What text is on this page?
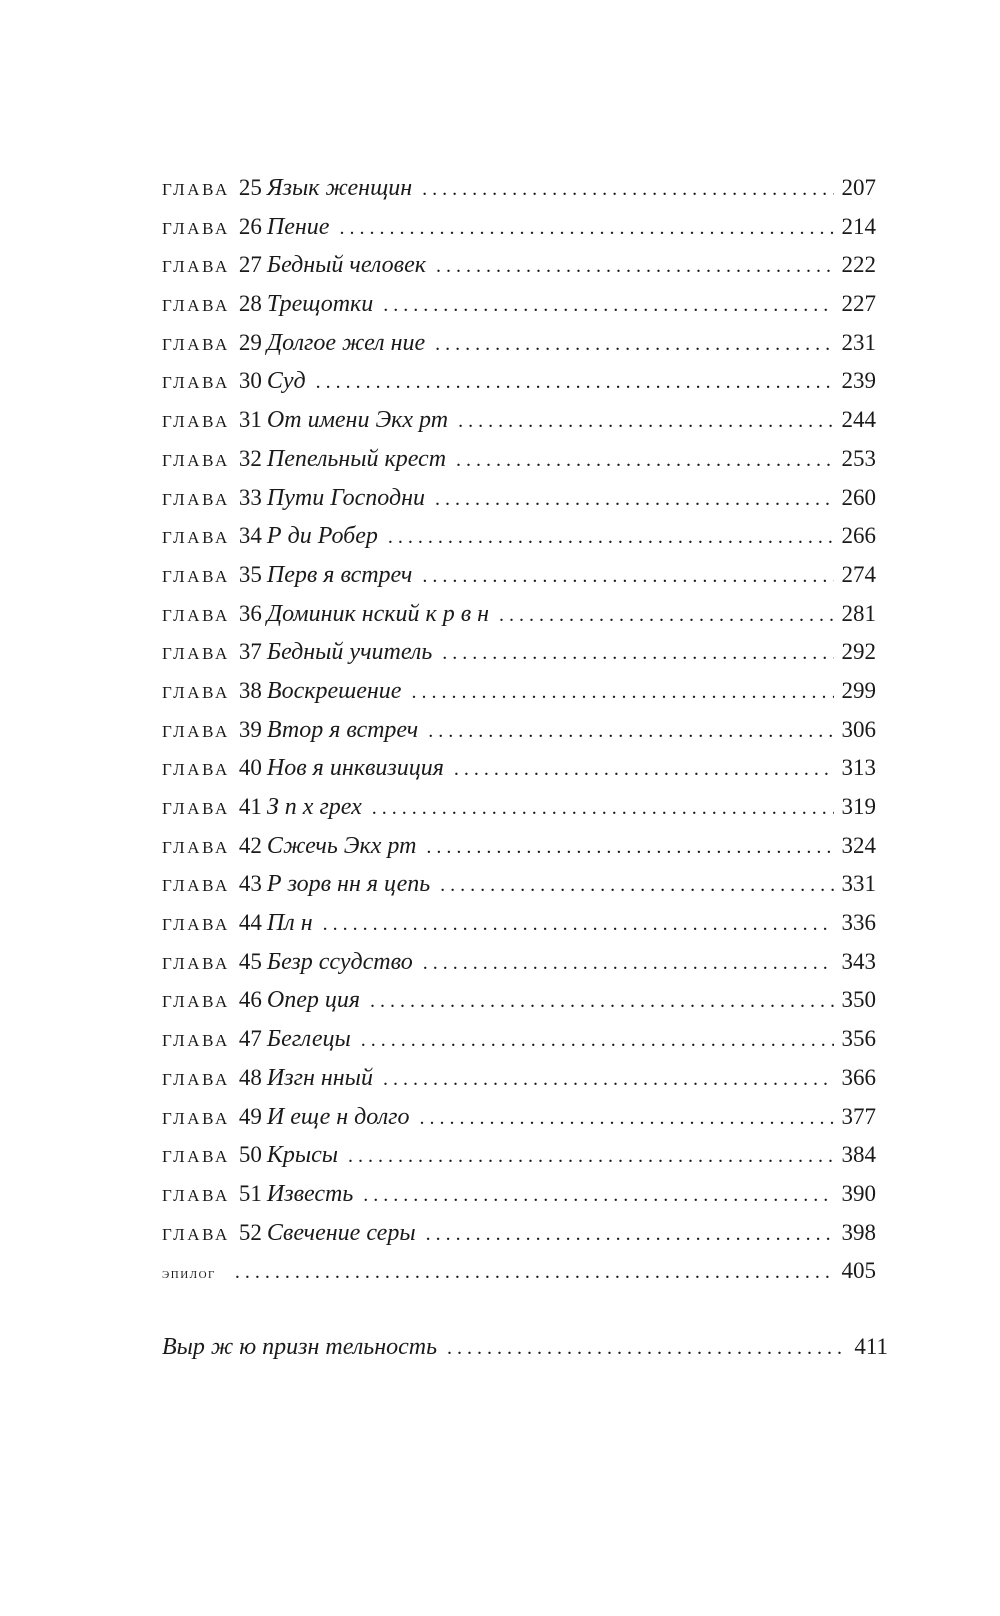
ГЛАВА 25 Язык женщин . . .	207
ГЛАВА 26 Пение . . .	214
ГЛАВА 27 Бедный человек . . .	222
ГЛАВА 28 Трещотки . . .	227
ГЛАВА 29 Долгое жел ние . . .	231
ГЛАВА 30 Суд . . .	239
ГЛАВА 31 От имени Экх рт . . .	244
ГЛАВА 32 Пепельный крест . . .	253
ГЛАВА 33 Пути Господни . . .	260
ГЛАВА 34 Р ди Робер . . .	266
ГЛАВА 35 Перв я встреч . . .	274
ГЛАВА 36 Доминик нский к р в н . . .	281
ГЛАВА 37 Бедный учитель . . .	292
ГЛАВА 38 Воскрешение . . .	299
ГЛАВА 39 Втор я встреч . . .	306
ГЛАВА 40 Нов я инквизиция . . .	313
ГЛАВА 41 З п х грех . . .	319
ГЛАВА 42 Сжечь Экх рт . . .	324
ГЛАВА 43 Р зорв нн я цепь . . .	331
ГЛАВА 44 Пл н . . .	336
ГЛАВА 45 Безр ссудство . . .	343
ГЛАВА 46 Опер ция . . .	350
ГЛАВА 47 Беглецы . . .	356
ГЛАВА 48 Изгн нный . . .	366
ГЛАВА 49 И еще н долго . . .	377
ГЛАВА 50 Крысы . . .	384
ГЛАВА 51 Известь . . .	390
ГЛАВА 52 Свечение серы . . .	398
эпилог . . .	405
Выр ж ю призн тельность . . .	411
